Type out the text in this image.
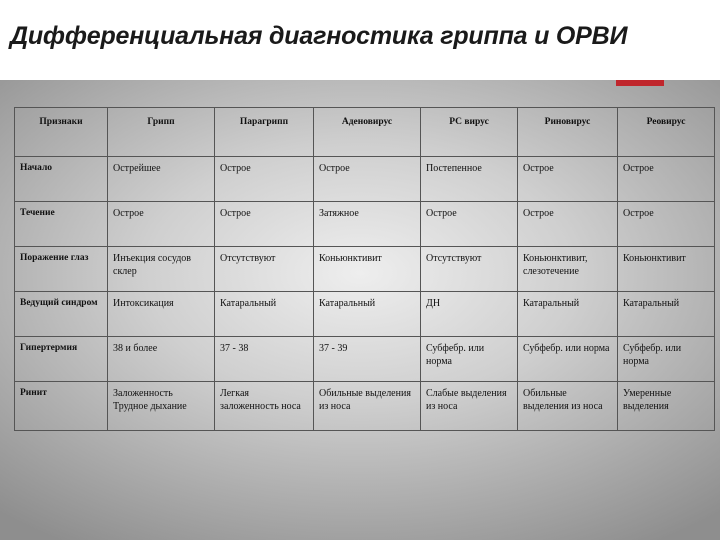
Дифференциальная диагностика гриппа и ОРВИ
Признаки	Грипп	Парагрипп	Аденовирус	РС вирус	Риновирус	Реовирус
Начало	Острейшее	Острое	Острое	Постепенное	Острое	Острое
Течение	Острое	Острое	Затяжное	Острое	Острое	Острое
Поражение глаз	Инъекция сосудов склер	Отсутствуют	Коньюнктивит	Отсутствуют	Коньюнктивит, слезотечение	Коньюнктивит
Ведущий синдром	Интоксикация	Катаральный	Катаральный	ДН	Катаральный	Катаральный
Гипертермия	38 и более	37 - 38	37 - 39	Субфебр. или норма	Субфебр. или норма	Субфебр. или норма
Ринит	Заложенность Трудное дыхание	Легкая заложенность носа	Обильные выделения из носа	Слабые выделения из носа	Обильные выделения из носа	Умеренные выделения
